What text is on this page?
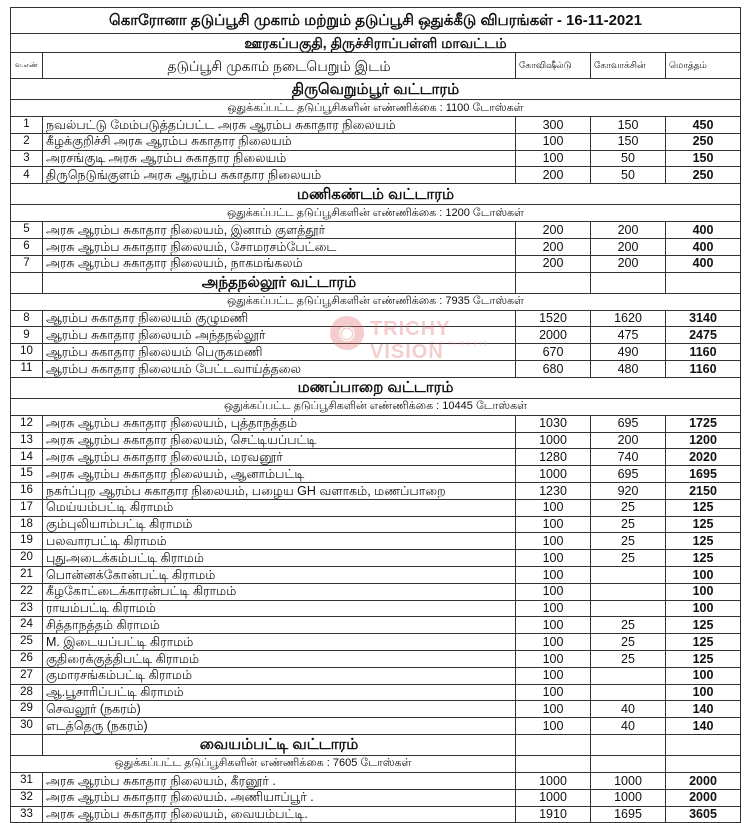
கொரோனா தடுப்பூசி முகாம் மற்றும் தடுப்பூசி ஒதுக்கீடு விபரங்கள் - 16-11-2021				
ஊரகப்பகுதி, திருச்சிராப்பள்ளி மாவட்டம்				
வ.எண்	தடுப்பூசி முகாம் நடைபெறும் இடம்	கோவிஷீல்டு	கோவாக்சின்	மொத்தம்
திருவெறும்பூர் வட்டாரம்				
ஒதுக்கப்பட்ட தடுப்பூசிகளின் எண்ணிக்கை : 1100 டோஸ்கள்				
1	நவல்பட்டு மேம்படுத்தப்பட்ட அரசு ஆரம்ப சுகாதார நிலையம்	300	150	450
2	கீழக்குறிச்சி அரசு ஆரம்ப சுகாதார நிலையம்	100	150	250
3	அரசங்குடி அரசு ஆரம்ப சுகாதார நிலையம்	100	50	150
4	திருநெடுங்குளம் அரசு ஆரம்ப சுகாதார நிலையம்	200	50	250
மணிகண்டம் வட்டாரம்				
ஒதுக்கப்பட்ட தடுப்பூசிகளின் எண்ணிக்கை : 1200 டோஸ்கள்				
5	அரசு ஆரம்ப சுகாதார நிலையம், இனாம் குளத்தூர்	200	200	400
6	அரசு ஆரம்ப சுகாதார நிலையம், சோமரசம்பேட்டை	200	200	400
7	அரசு ஆரம்ப சுகாதார நிலையம், நாகமங்கலம்	200	200	400
	அந்தநல்லூர் வட்டாரம்			
ஒதுக்கப்பட்ட தடுப்பூசிகளின் எண்ணிக்கை : 7935 டோஸ்கள்				
8	ஆரம்ப சுகாதார நிலையம் குழுமணி	1520	1620	3140
9	ஆரம்ப சுகாதார நிலையம் அந்தநல்லூர்	2000	475	2475
10	ஆரம்ப சுகாதார நிலையம் பெருகமணி	670	490	1160
11	ஆரம்ப சுகாதார நிலையம் பேட்டவாய்த்தலை	680	480	1160
மணப்பாறை வட்டாரம்				
ஒதுக்கப்பட்ட தடுப்பூசிகளின் எண்ணிக்கை : 10445 டோஸ்கள்				
12	அரசு ஆரம்ப சுகாதார நிலையம், புத்தாநத்தம்	1030	695	1725
13	அரசு ஆரம்ப சுகாதார நிலையம், செட்டியப்பட்டி	1000	200	1200
14	அரசு ஆரம்ப சுகாதார நிலையம், மரவனூர்	1280	740	2020
15	அரசு ஆரம்ப சுகாதார நிலையம், ஆனாம்பட்டி	1000	695	1695
16	நகர்ப்புற ஆரம்ப சுகாதார நிலையம், பழைய GH வளாகம், மணப்பாறை	1230	920	2150
17	மெய்யம்பட்டி கிராமம்	100	25	125
18	கும்புலியாம்பட்டி கிராமம்	100	25	125
19	பலவாரபட்டி கிராமம்	100	25	125
20	புதுஅடைக்கம்பட்டி கிராமம்	100	25	125
21	பொன்னக்கோன்பட்டி கிராமம்	100		100
22	கீழகோட்டைக்காரன்பட்டி கிராமம்	100		100
23	ராயம்பட்டி கிராமம்	100		100
24	சித்தாநத்தம் கிராமம்	100	25	125
25	M. இடையப்பட்டி கிராமம்	100	25	125
26	குதிரைக்குத்திபட்டி கிராமம்	100	25	125
27	குமாரசங்கம்பட்டி கிராமம்	100		100
28	ஆ.பூசாரிப்பட்டி கிராமம்	100		100
29	செவலூர் (நகரம்)	100	40	140
30	எடத்தெரு (நகரம்)	100	40	140
	வையம்பட்டி வட்டாரம்			
ஒதுக்கப்பட்ட தடுப்பூசிகளின் எண்ணிக்கை : 7605 டோஸ்கள்				
31	அரசு ஆரம்ப சுகாதார நிலையம், கீரனூர் .	1000	1000	2000
32	அரசு ஆரம்ப சுகாதார நிலையம். அணியாப்பூர் .	1000	1000	2000
33	அரசு ஆரம்ப சுகாதார நிலையம், வையம்பட்டி.	1910	1695	3605
◉ TRICHY VISION
THE THIRD EYE
